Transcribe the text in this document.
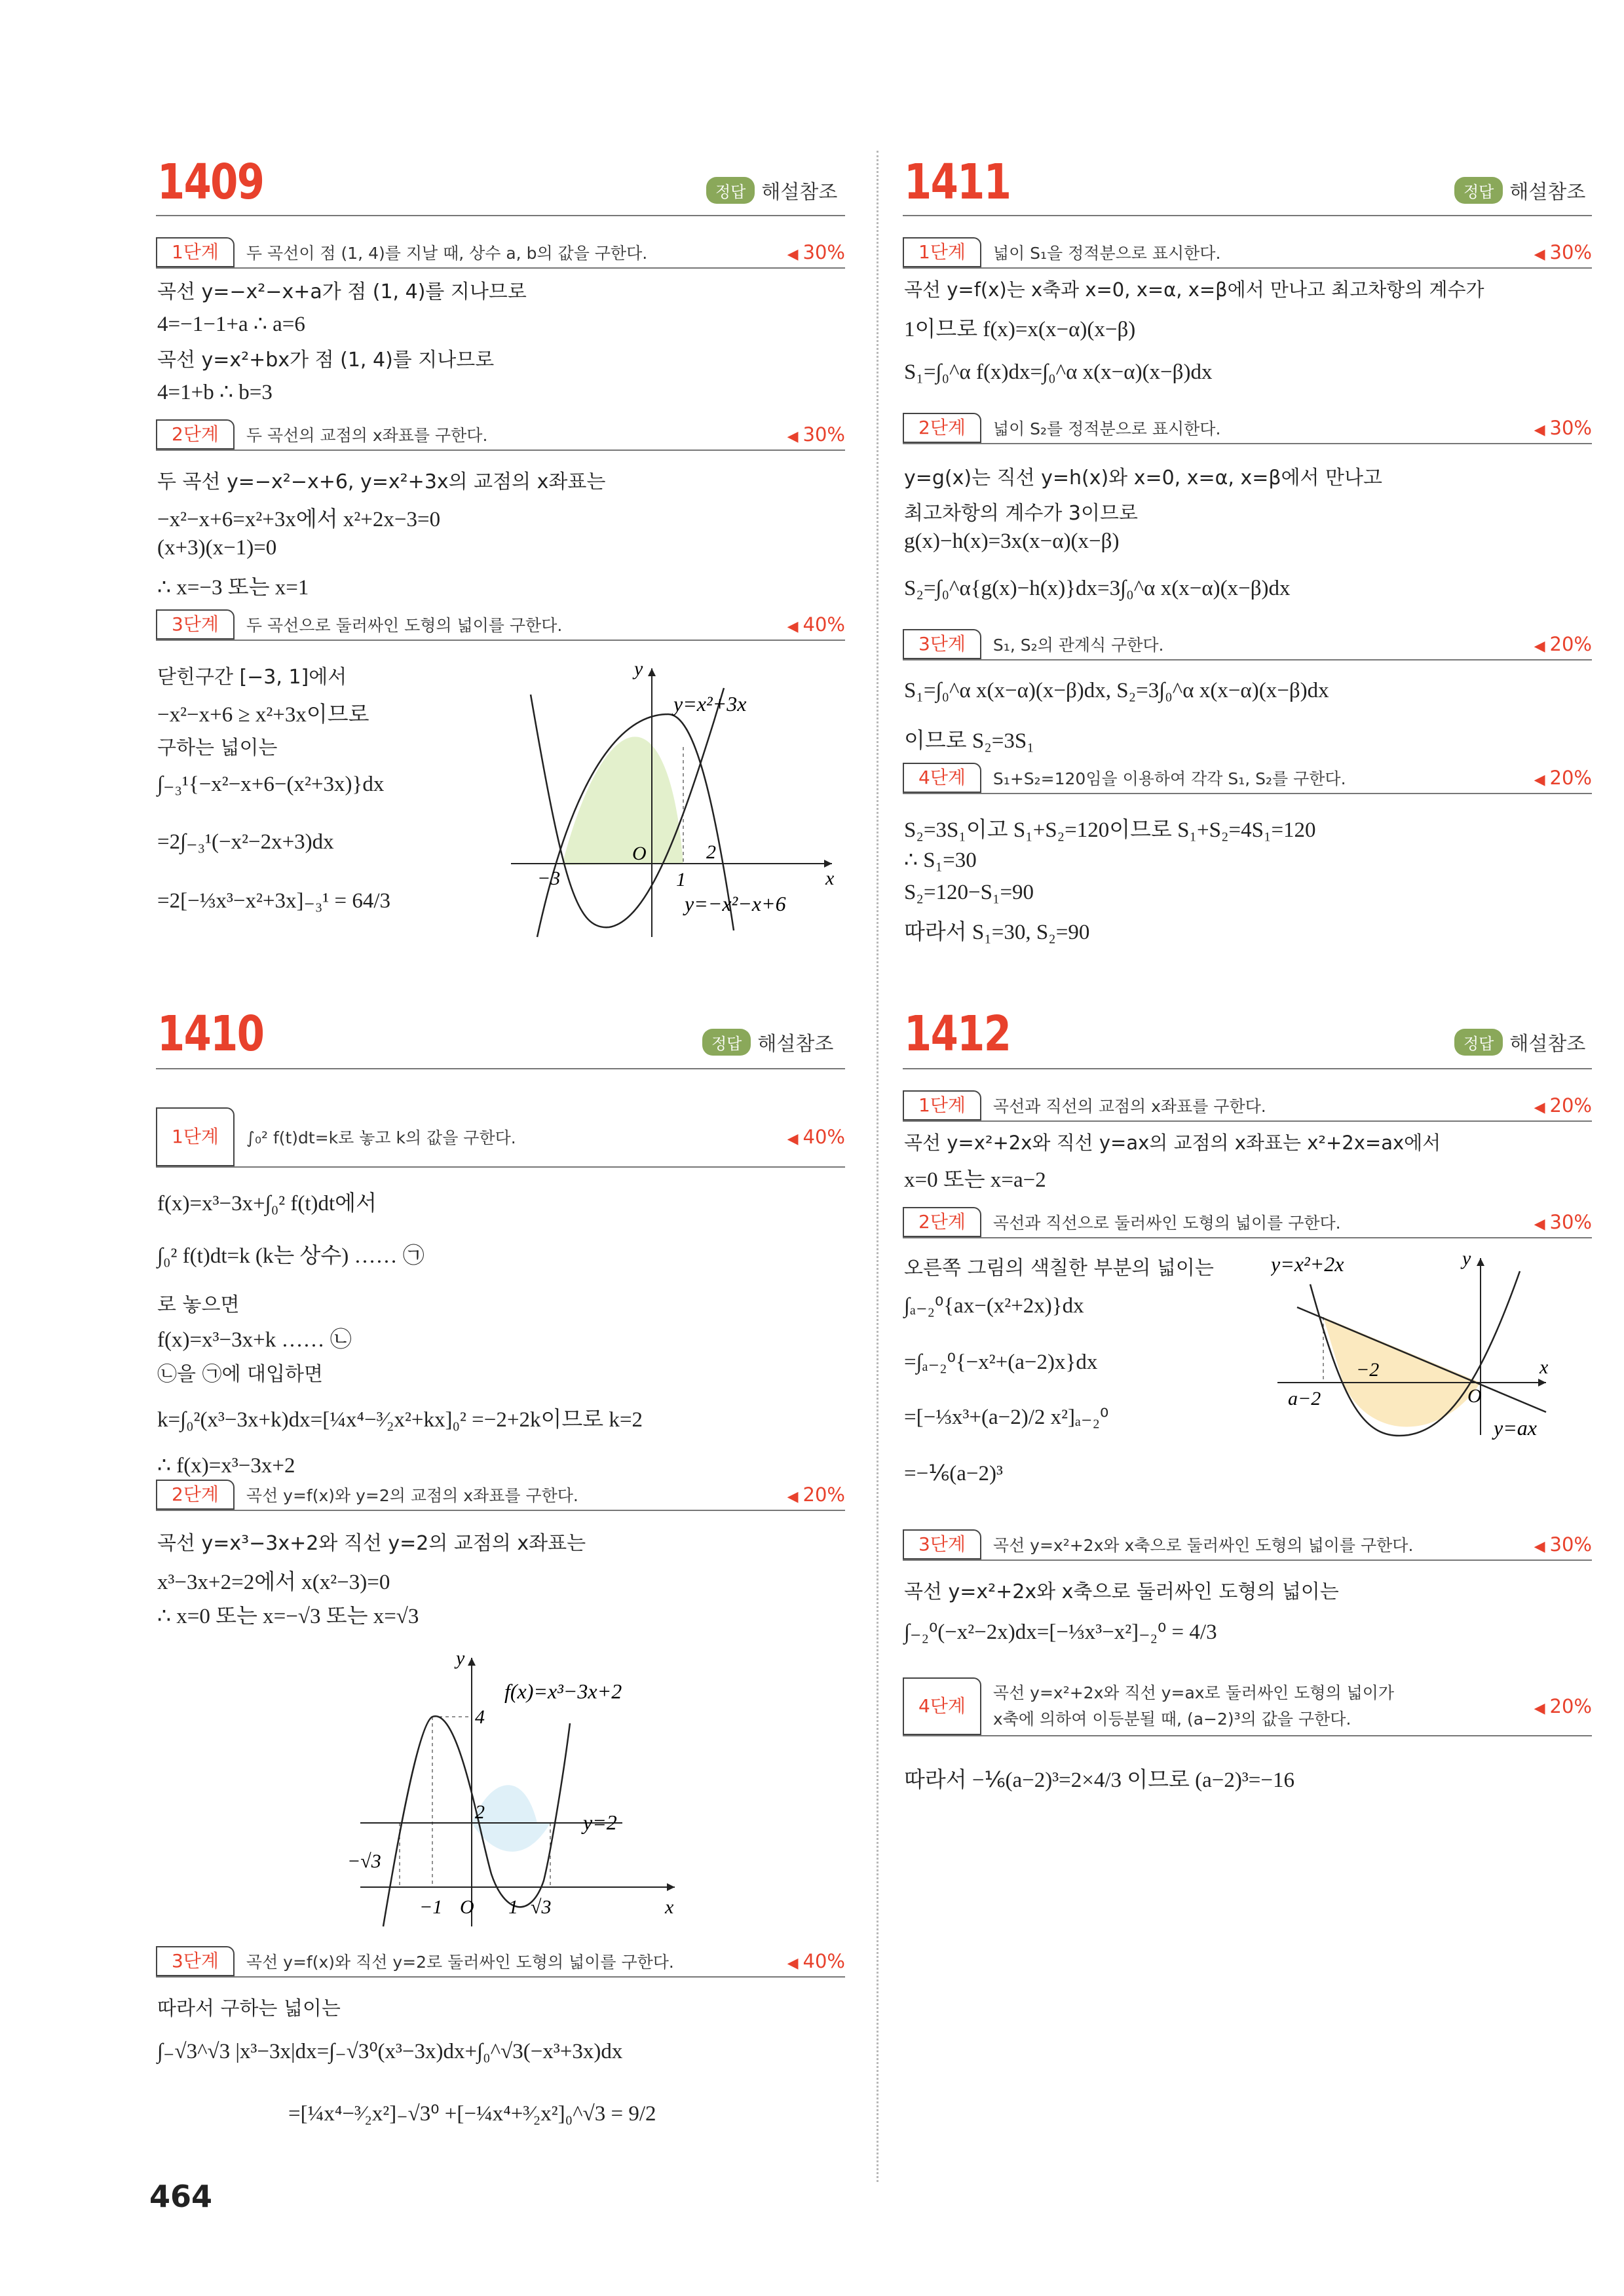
1409	정답 해설참조
1단계	두 곡선이 점 (1, 4)를 지날 때, 상수 a, b의 값을 구한다.	◀ 30%
곡선 y=−x²−x+a가 점 (1, 4)를 지나므로
4=−1−1+a ∴ a=6
곡선 y=x²+bx가 점 (1, 4)를 지나므로
4=1+b ∴ b=3
2단계	두 곡선의 교점의 x좌표를 구한다.	◀ 30%
두 곡선 y=−x²−x+6, y=x²+3x의 교점의 x좌표는
−x²−x+6=x²+3x에서 x²+2x−3=0
(x+3)(x−1)=0
∴ x=−3 또는 x=1
3단계	두 곡선으로 둘러싸인 도형의 넓이를 구한다.	◀ 40%
닫힌구간 [−3, 1]에서
−x²−x+6 ≥ x²+3x이므로
구하는 넓이는
∫₋₃¹{−x²−x+6−(x²+3x)}dx
=2∫₋₃¹(−x²−2x+3)dx
=2[−⅓x³−x²+3x]₋₃¹ = 64/3
y
x
O
−3	1
2
y=x²+3x
y=−x²−x+6
1410	정답 해설참조
1단계	∫₀² f(t)dt=k로 놓고 k의 값을 구한다.	◀ 40%
f(x)=x³−3x+∫₀² f(t)dt에서
∫₀² f(t)dt=k (k는 상수) …… ㉠
로 놓으면
f(x)=x³−3x+k …… ㉡
㉡을 ㉠에 대입하면
k=∫₀²(x³−3x+k)dx=[¼x⁴−³⁄₂x²+kx]₀² =−2+2k이므로 k=2
∴ f(x)=x³−3x+2
2단계	곡선 y=f(x)와 y=2의 교점의 x좌표를 구한다.	◀ 20%
곡선 y=x³−3x+2와 직선 y=2의 교점의 x좌표는
x³−3x+2=2에서 x(x²−3)=0
∴ x=0 또는 x=−√3 또는 x=√3
y
x
O
4
2
−1	1 √3
−√3
f(x)=x³−3x+2
y=2
3단계	곡선 y=f(x)와 직선 y=2로 둘러싸인 도형의 넓이를 구한다.	◀ 40%
따라서 구하는 넓이는
∫₋√3^√3 |x³−3x|dx=∫₋√3⁰(x³−3x)dx+∫₀^√3(−x³+3x)dx
=[¼x⁴−³⁄₂x²]₋√3⁰ +[−¼x⁴+³⁄₂x²]₀^√3 = 9/2
1411	정답 해설참조
1단계	넓이 S₁을 정적분으로 표시한다.	◀ 30%
곡선 y=f(x)는 x축과 x=0, x=α, x=β에서 만나고 최고차항의 계수가
1이므로 f(x)=x(x−α)(x−β)
S₁=∫₀^α f(x)dx=∫₀^α x(x−α)(x−β)dx
2단계	넓이 S₂를 정적분으로 표시한다.	◀ 30%
y=g(x)는 직선 y=h(x)와 x=0, x=α, x=β에서 만나고
최고차항의 계수가 3이므로
g(x)−h(x)=3x(x−α)(x−β)
S₂=∫₀^α{g(x)−h(x)}dx=3∫₀^α x(x−α)(x−β)dx
3단계	S₁, S₂의 관계식 구한다.	◀ 20%
S₁=∫₀^α x(x−α)(x−β)dx, S₂=3∫₀^α x(x−α)(x−β)dx
이므로 S₂=3S₁
4단계	S₁+S₂=120임을 이용하여 각각 S₁, S₂를 구한다.	◀ 20%
S₂=3S₁이고 S₁+S₂=120이므로 S₁+S₂=4S₁=120
∴ S₁=30
S₂=120−S₁=90
따라서 S₁=30, S₂=90
1412	정답 해설참조
1단계	곡선과 직선의 교점의 x좌표를 구한다.	◀ 20%
곡선 y=x²+2x와 직선 y=ax의 교점의 x좌표는 x²+2x=ax에서
x=0 또는 x=a−2
2단계	곡선과 직선으로 둘러싸인 도형의 넓이를 구한다.	◀ 30%
오른쪽 그림의 색칠한 부분의 넓이는
∫ₐ₋₂⁰{ax−(x²+2x)}dx
=∫ₐ₋₂⁰{−x²+(a−2)x}dx
=[−⅓x³+(a−2)/2 x²]ₐ₋₂⁰
=−⅙(a−2)³
y
x
O
−2
a−2
y=x²+2x
y=ax
3단계	곡선 y=x²+2x와 x축으로 둘러싸인 도형의 넓이를 구한다.	◀ 30%
곡선 y=x²+2x와 x축으로 둘러싸인 도형의 넓이는
∫₋₂⁰(−x²−2x)dx=[−⅓x³−x²]₋₂⁰ = 4/3
4단계
곡선 y=x²+2x와 직선 y=ax로 둘러싸인 도형의 넓이가
x축에 의하여 이등분될 때, (a−2)³의 값을 구한다.
◀ 20%
따라서 −⅙(a−2)³=2×4/3 이므로 (a−2)³=−16
464
